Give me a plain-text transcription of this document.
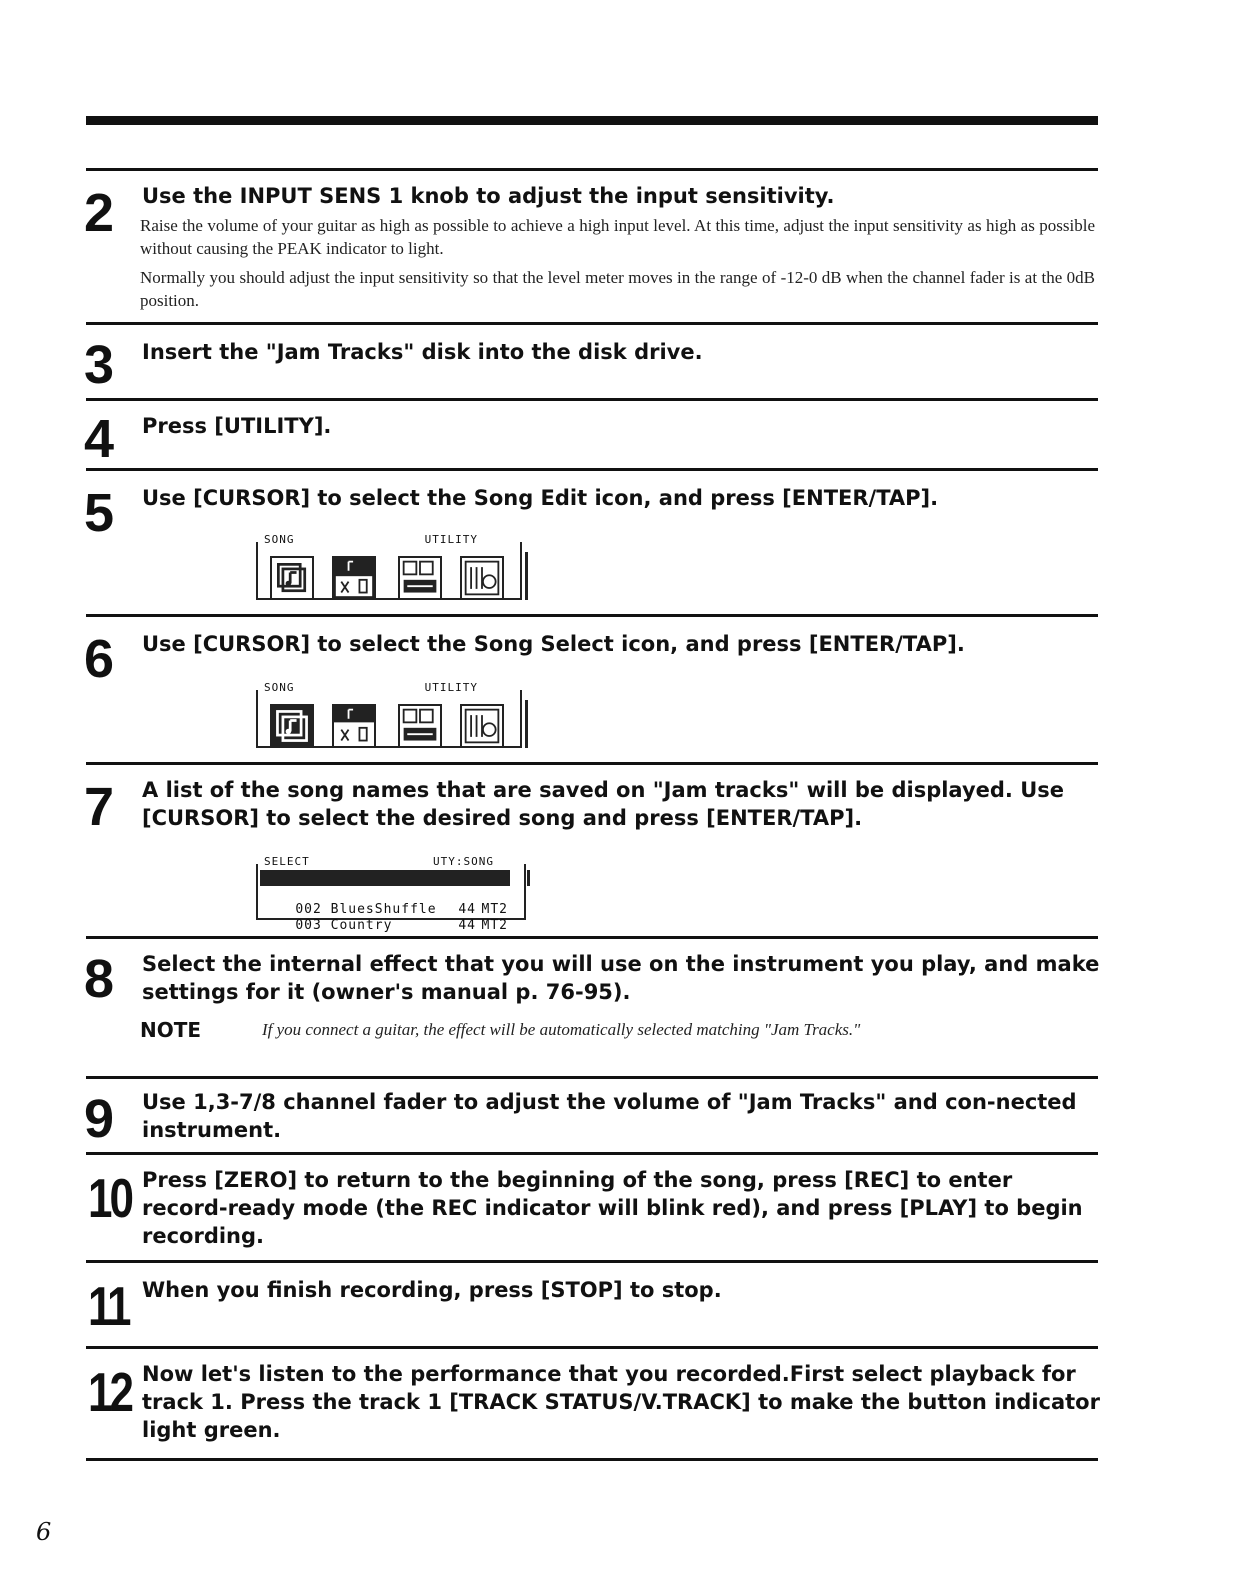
2 Use the INPUT SENS 1 knob to adjust the input sensitivity.
Raise the volume of your guitar as high as possible to achieve a high input level. At this time, adjust the input sensitivity as high as possible without causing the PEAK indicator to light.
Normally you should adjust the input sensitivity so that the level meter moves in the range of -12-0 dB when the channel fader is at the 0dB position.
3 Insert the "Jam Tracks" disk into the disk drive.
4 Press [UTILITY].
5 Use [CURSOR] to select the Song Edit icon, and press [ENTER/TAP].
SONG	UTILITY
6 Use [CURSOR] to select the Song Select icon, and press [ENTER/TAP].
SONG	UTILITY
7 A list of the song names that are saved on "Jam tracks" will be displayed. Use [CURSOR] to select the desired song and press [ENTER/TAP].
SELECT	UTY:SONG

001 Alternative 44 MT2

002 BluesShuffle 44 MT2

003 Country	44 MT2

8 Select the internal effect that you will use on the instrument you play, and make settings for it (owner's manual p. 76-95).
NOTE	If you connect a guitar, the effect will be automatically selected matching "Jam Tracks."
9 Use 1,3-7/8 channel fader to adjust the volume of "Jam Tracks" and con-nected instrument.
10 Press [ZERO] to return to the beginning of the song, press [REC] to enter record-ready mode (the REC indicator will blink red), and press [PLAY] to begin recording.
11 When you finish recording, press [STOP] to stop.
12 Now let's listen to the performance that you recorded.First select playback for track 1. Press the track 1 [TRACK STATUS/V.TRACK] to make the button indicator light green.
6
